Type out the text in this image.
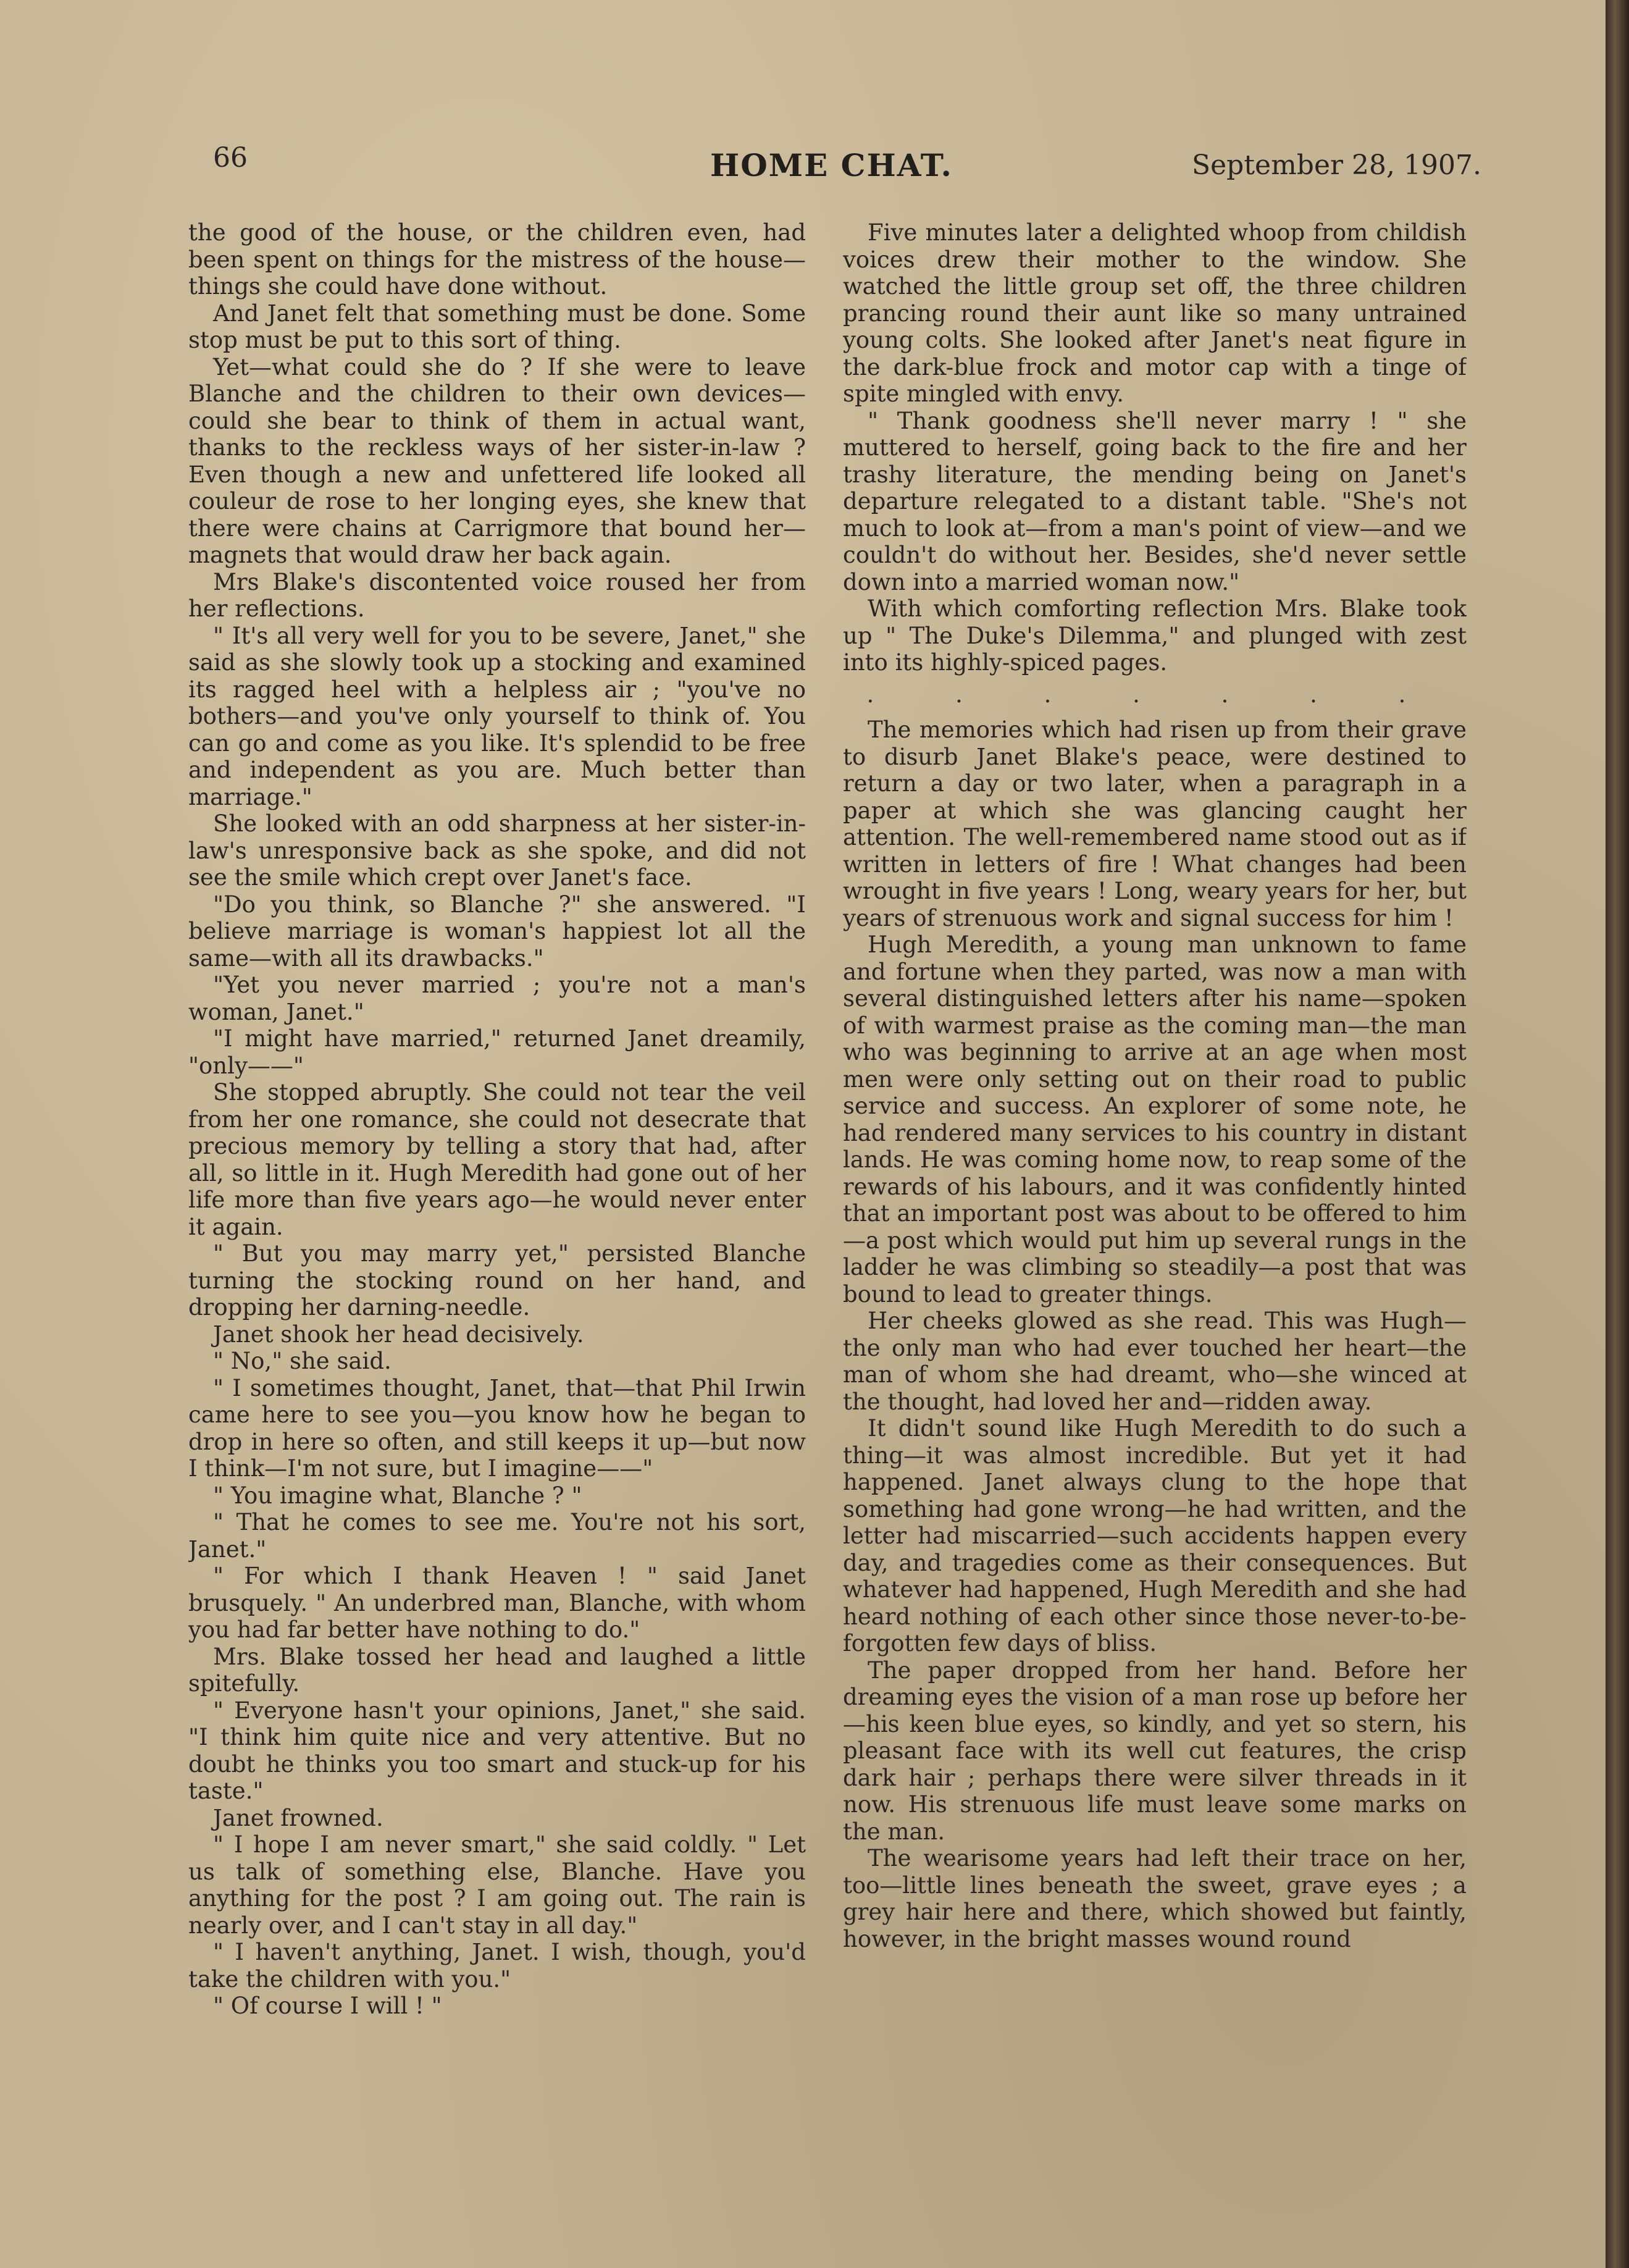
66	HOME CHAT.	September 28, 1907.

the good of the house, or the children even, had been spent on things for the mistress of the house—things she could have done without.

And Janet felt that something must be done. Some stop must be put to this sort of thing.

Yet—what could she do ? If she were to leave Blanche and the children to their own devices—could she bear to think of them in actual want, thanks to the reckless ways of her sister-in-law ? Even though a new and unfettered life looked all couleur de rose to her longing eyes, she knew that there were chains at Carrigmore that bound her—magnets that would draw her back again.

Mrs Blake's discontented voice roused her from her reflections.

" It's all very well for you to be severe, Janet," she said as she slowly took up a stocking and examined its ragged heel with a helpless air ; "you've no bothers—and you've only yourself to think of. You can go and come as you like. It's splendid to be free and independent as you are. Much better than marriage."

She looked with an odd sharpness at her sister-in-law's unresponsive back as she spoke, and did not see the smile which crept over Janet's face.

"Do you think, so Blanche ?" she answered. "I believe marriage is woman's happiest lot all the same—with all its drawbacks."

"Yet you never married ; you're not a man's woman, Janet."

"I might have married," returned Janet dreamily, "only——"

She stopped abruptly. She could not tear the veil from her one romance, she could not desecrate that precious memory by telling a story that had, after all, so little in it. Hugh Meredith had gone out of her life more than five years ago—he would never enter it again.

" But you may marry yet," persisted Blanche turning the stocking round on her hand, and dropping her darning-needle.

Janet shook her head decisively.

" No," she said.

" I sometimes thought, Janet, that—that Phil Irwin came here to see you—you know how he began to drop in here so often, and still keeps it up—but now I think—I'm not sure, but I imagine——"

" You imagine what, Blanche ? "

" That he comes to see me. You're not his sort, Janet."

" For which I thank Heaven ! " said Janet brusquely. " An underbred man, Blanche, with whom you had far better have nothing to do."

Mrs. Blake tossed her head and laughed a little spitefully.

" Everyone hasn't your opinions, Janet," she said. "I think him quite nice and very attentive. But no doubt he thinks you too smart and stuck-up for his taste."

Janet frowned.

" I hope I am never smart," she said coldly. " Let us talk of something else, Blanche. Have you anything for the post ? I am going out. The rain is nearly over, and I can't stay in all day."

" I haven't anything, Janet. I wish, though, you'd take the children with you."

" Of course I will ! "

Five minutes later a delighted whoop from childish voices drew their mother to the window. She watched the little group set off, the three children prancing round their aunt like so many untrained young colts. She looked after Janet's neat figure in the dark-blue frock and motor cap with a tinge of spite mingled with envy.

" Thank goodness she'll never marry ! " she muttered to herself, going back to the fire and her trashy literature, the mending being on Janet's departure relegated to a distant table. "She's not much to look at—from a man's point of view—and we couldn't do without her. Besides, she'd never settle down into a married woman now."

With which comforting reflection Mrs. Blake took up " The Duke's Dilemma," and plunged with zest into its highly-spiced pages.

. . . . . . .

The memories which had risen up from their grave to disurb Janet Blake's peace, were destined to return a day or two later, when a paragraph in a paper at which she was glancing caught her attention. The well-remembered name stood out as if written in letters of fire ! What changes had been wrought in five years ! Long, weary years for her, but years of strenuous work and signal success for him !

Hugh Meredith, a young man unknown to fame and fortune when they parted, was now a man with several distinguished letters after his name—spoken of with warmest praise as the coming man—the man who was beginning to arrive at an age when most men were only setting out on their road to public service and success. An explorer of some note, he had rendered many services to his country in distant lands. He was coming home now, to reap some of the rewards of his labours, and it was confidently hinted that an important post was about to be offered to him—a post which would put him up several rungs in the ladder he was climbing so steadily—a post that was bound to lead to greater things.

Her cheeks glowed as she read. This was Hugh—the only man who had ever touched her heart—the man of whom she had dreamt, who—she winced at the thought, had loved her and—ridden away.

It didn't sound like Hugh Meredith to do such a thing—it was almost incredible. But yet it had happened. Janet always clung to the hope that something had gone wrong—he had written, and the letter had miscarried—such accidents happen every day, and tragedies come as their consequences. But whatever had happened, Hugh Meredith and she had heard nothing of each other since those never-to-be-forgotten few days of bliss.

The paper dropped from her hand. Before her dreaming eyes the vision of a man rose up before her—his keen blue eyes, so kindly, and yet so stern, his pleasant face with its well cut features, the crisp dark hair ; perhaps there were silver threads in it now. His strenuous life must leave some marks on the man.

The wearisome years had left their trace on her, too—little lines beneath the sweet, grave eyes ; a grey hair here and there, which showed but faintly, however, in the bright masses wound round
